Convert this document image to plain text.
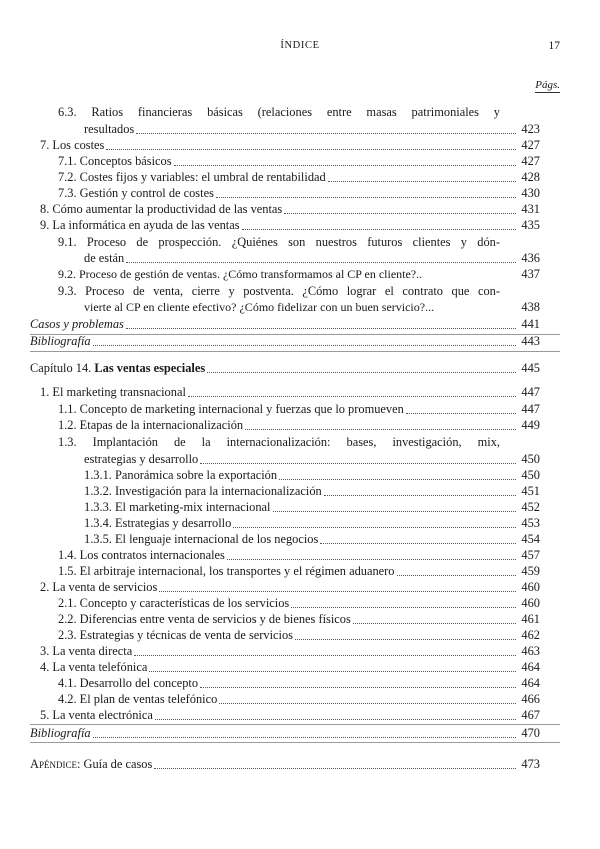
ÍNDICE	17
Págs.
6.3. Ratios financieras básicas (relaciones entre masas patrimoniales y
resultados	423
7. Los costes	427
7.1. Conceptos básicos	427
7.2. Costes fijos y variables: el umbral de rentabilidad	428
7.3. Gestión y control de costes	430
8. Cómo aumentar la productividad de las ventas	431
9. La informática en ayuda de las ventas	435
9.1. Proceso de prospección. ¿Quiénes son nuestros futuros clientes y dón-
de están	436
9.2. Proceso de gestión de ventas. ¿Cómo transformamos al CP en cliente?..	437
9.3. Proceso de venta, cierre y postventa. ¿Cómo lograr el contrato que con-
vierte al CP en cliente efectivo? ¿Cómo fidelizar con un buen servicio?...	438
Casos y problemas	441
Bibliografía	443
Capítulo 14. Las ventas especiales	445
1. El marketing transnacional	447
1.1. Concepto de marketing internacional y fuerzas que lo promueven	447
1.2. Etapas de la internacionalización	449
1.3. Implantación de la internacionalización: bases, investigación, mix,
estrategias y desarrollo	450
1.3.1. Panorámica sobre la exportación	450
1.3.2. Investigación para la internacionalización	451
1.3.3. El marketing-mix internacional	452
1.3.4. Estrategias y desarrollo	453
1.3.5. El lenguaje internacional de los negocios	454
1.4. Los contratos internacionales	457
1.5. El arbitraje internacional, los transportes y el régimen aduanero	459
2. La venta de servicios	460
2.1. Concepto y características de los servicios	460
2.2. Diferencias entre venta de servicios y de bienes físicos	461
2.3. Estrategias y técnicas de venta de servicios	462
3. La venta directa	463
4. La venta telefónica	464
4.1. Desarrollo del concepto	464
4.2. El plan de ventas telefónico	466
5. La venta electrónica	467
Bibliografía	470
Apéndice: Guía de casos	473
